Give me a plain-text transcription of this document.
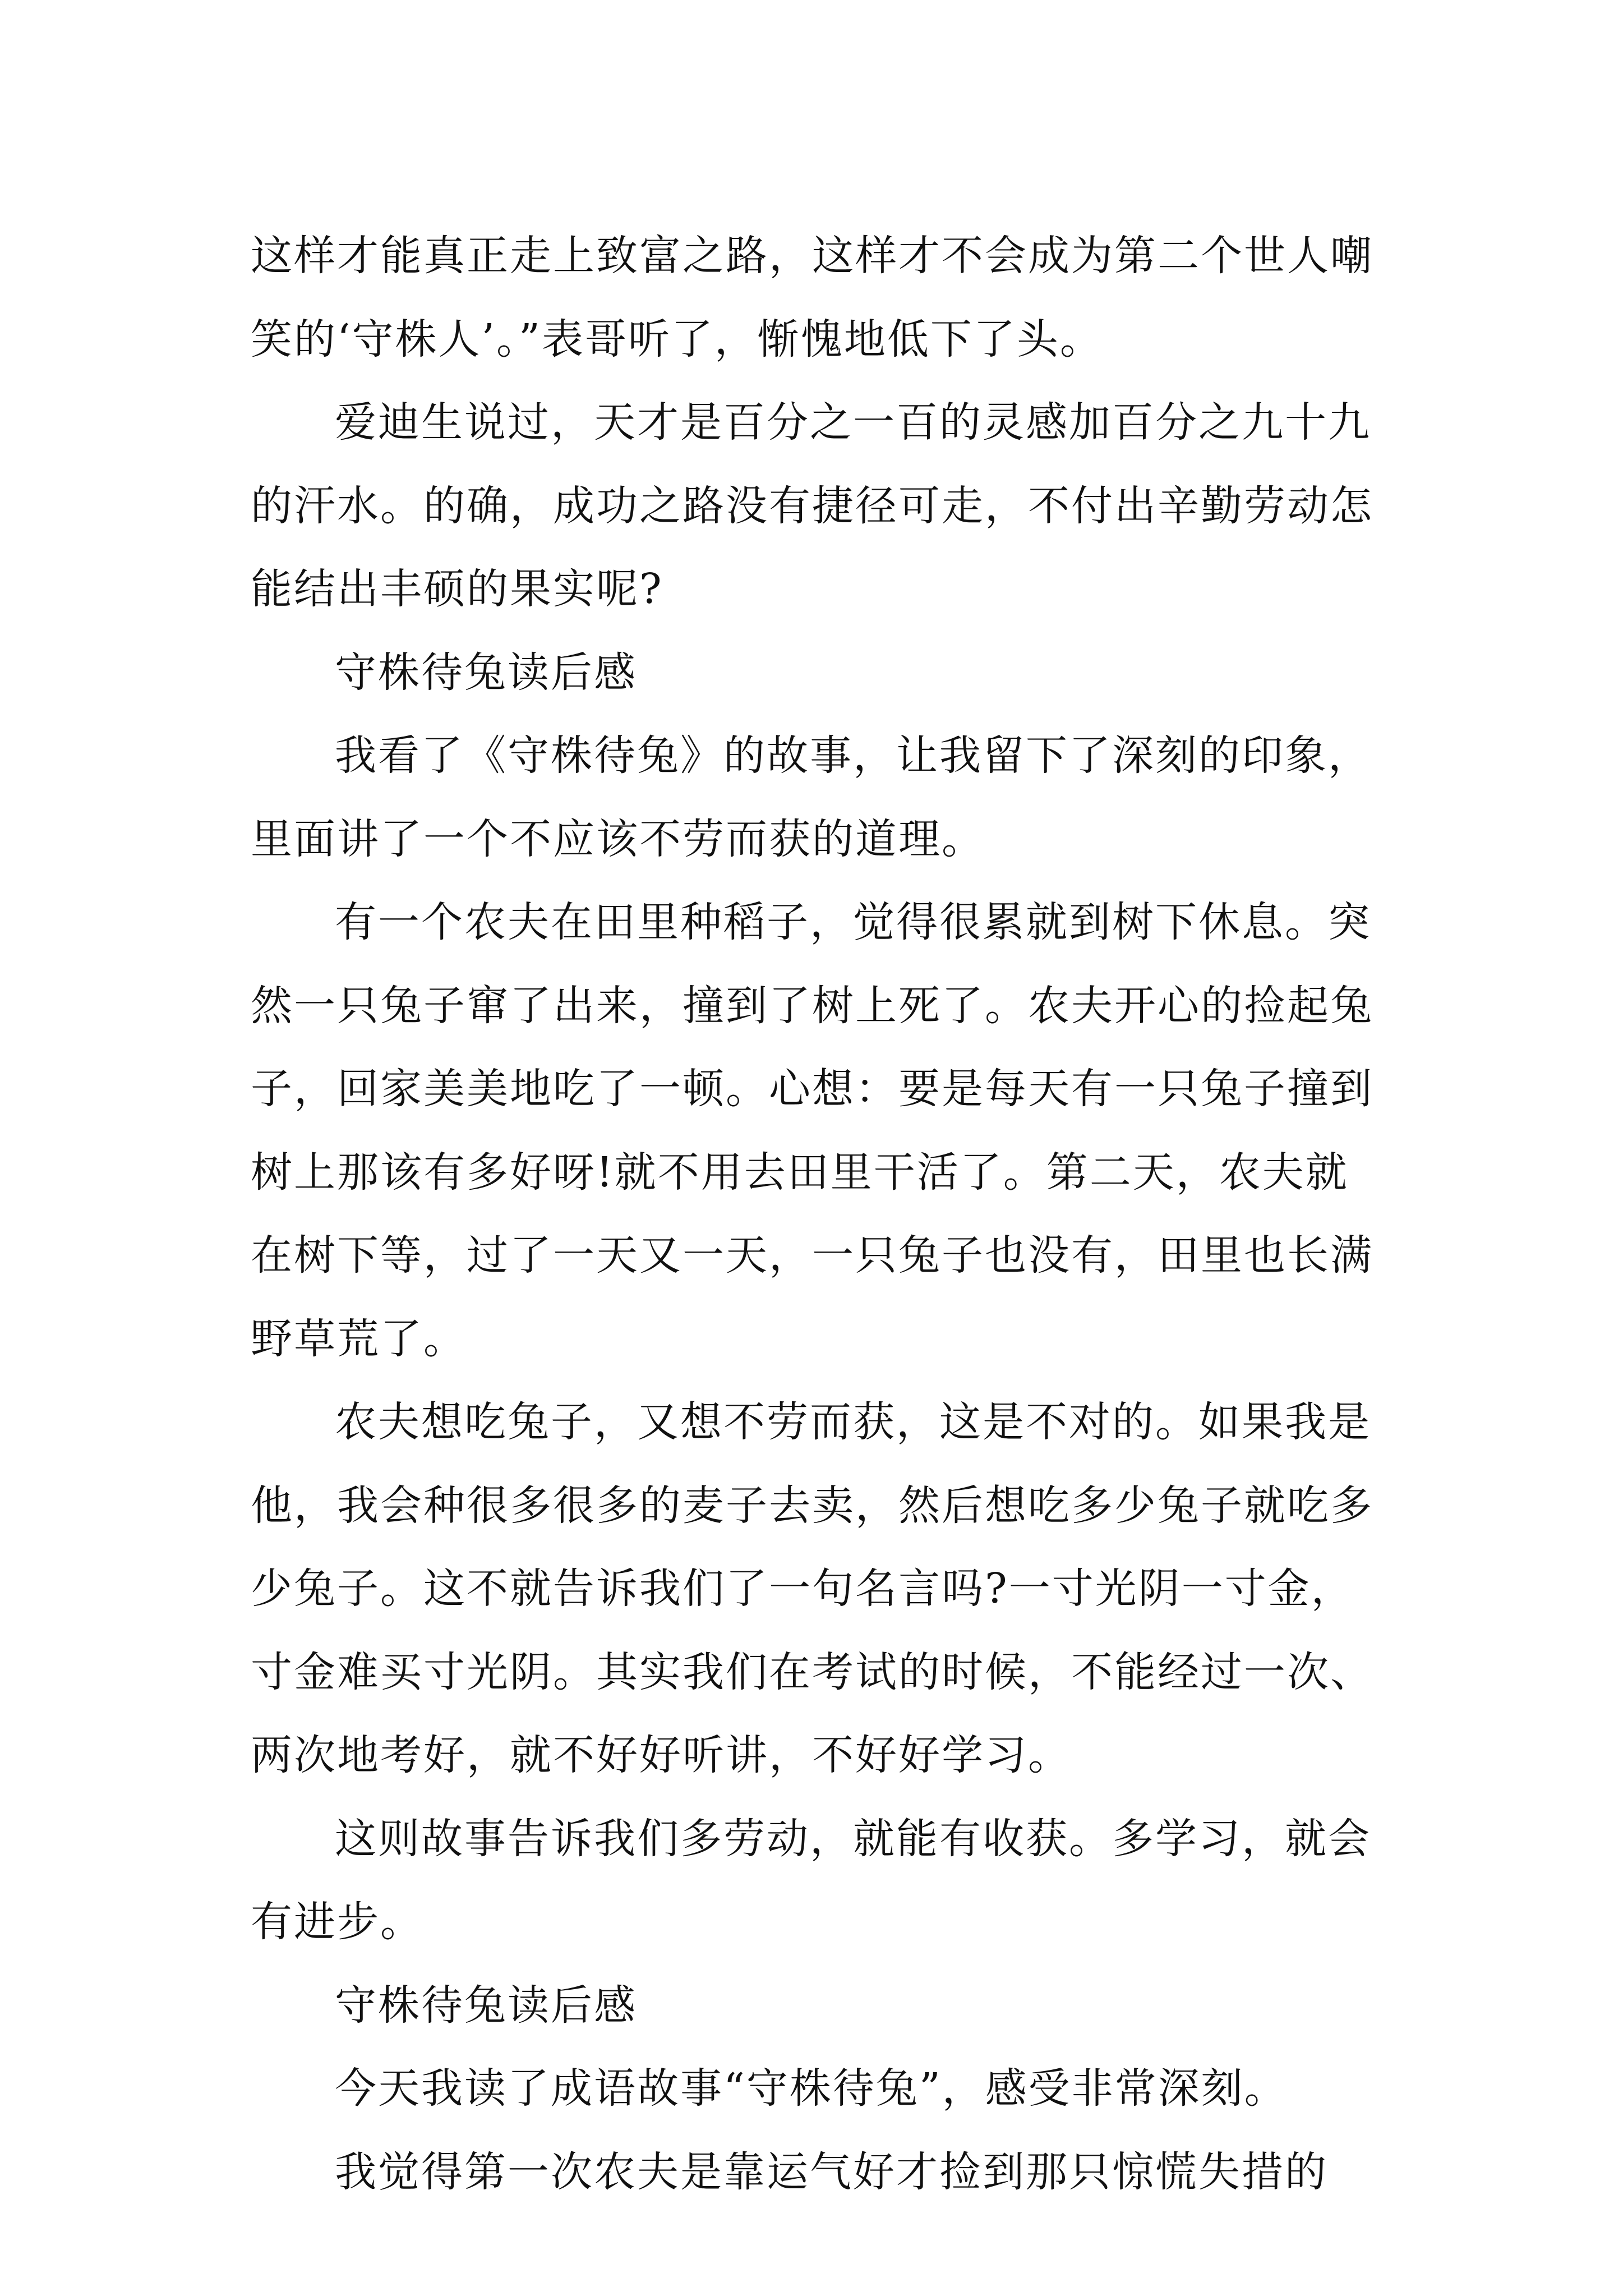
这样才能真正走上致富之路，这样才不会成为第二个世人嘲
笑的‘守株人’。”表哥听了，惭愧地低下了头。
爱迪生说过，天才是百分之一百的灵感加百分之九十九
的汗水。的确，成功之路没有捷径可走，不付出辛勤劳动怎
能结出丰硕的果实呢?
守株待兔读后感
我看了《守株待兔》的故事，让我留下了深刻的印象，
里面讲了一个不应该不劳而获的道理。
有一个农夫在田里种稻子，觉得很累就到树下休息。突
然一只兔子窜了出来，撞到了树上死了。农夫开心的捡起兔
子，回家美美地吃了一顿。心想：要是每天有一只兔子撞到
树上那该有多好呀!就不用去田里干活了。第二天，农夫就
在树下等，过了一天又一天，一只兔子也没有，田里也长满
野草荒了。
农夫想吃兔子，又想不劳而获，这是不对的。如果我是
他，我会种很多很多的麦子去卖，然后想吃多少兔子就吃多
少兔子。这不就告诉我们了一句名言吗?一寸光阴一寸金，
寸金难买寸光阴。其实我们在考试的时候，不能经过一次、
两次地考好，就不好好听讲，不好好学习。
这则故事告诉我们多劳动，就能有收获。多学习，就会
有进步。
守株待兔读后感
今天我读了成语故事“守株待兔”，感受非常深刻。
我觉得第一次农夫是靠运气好才捡到那只惊慌失措的
